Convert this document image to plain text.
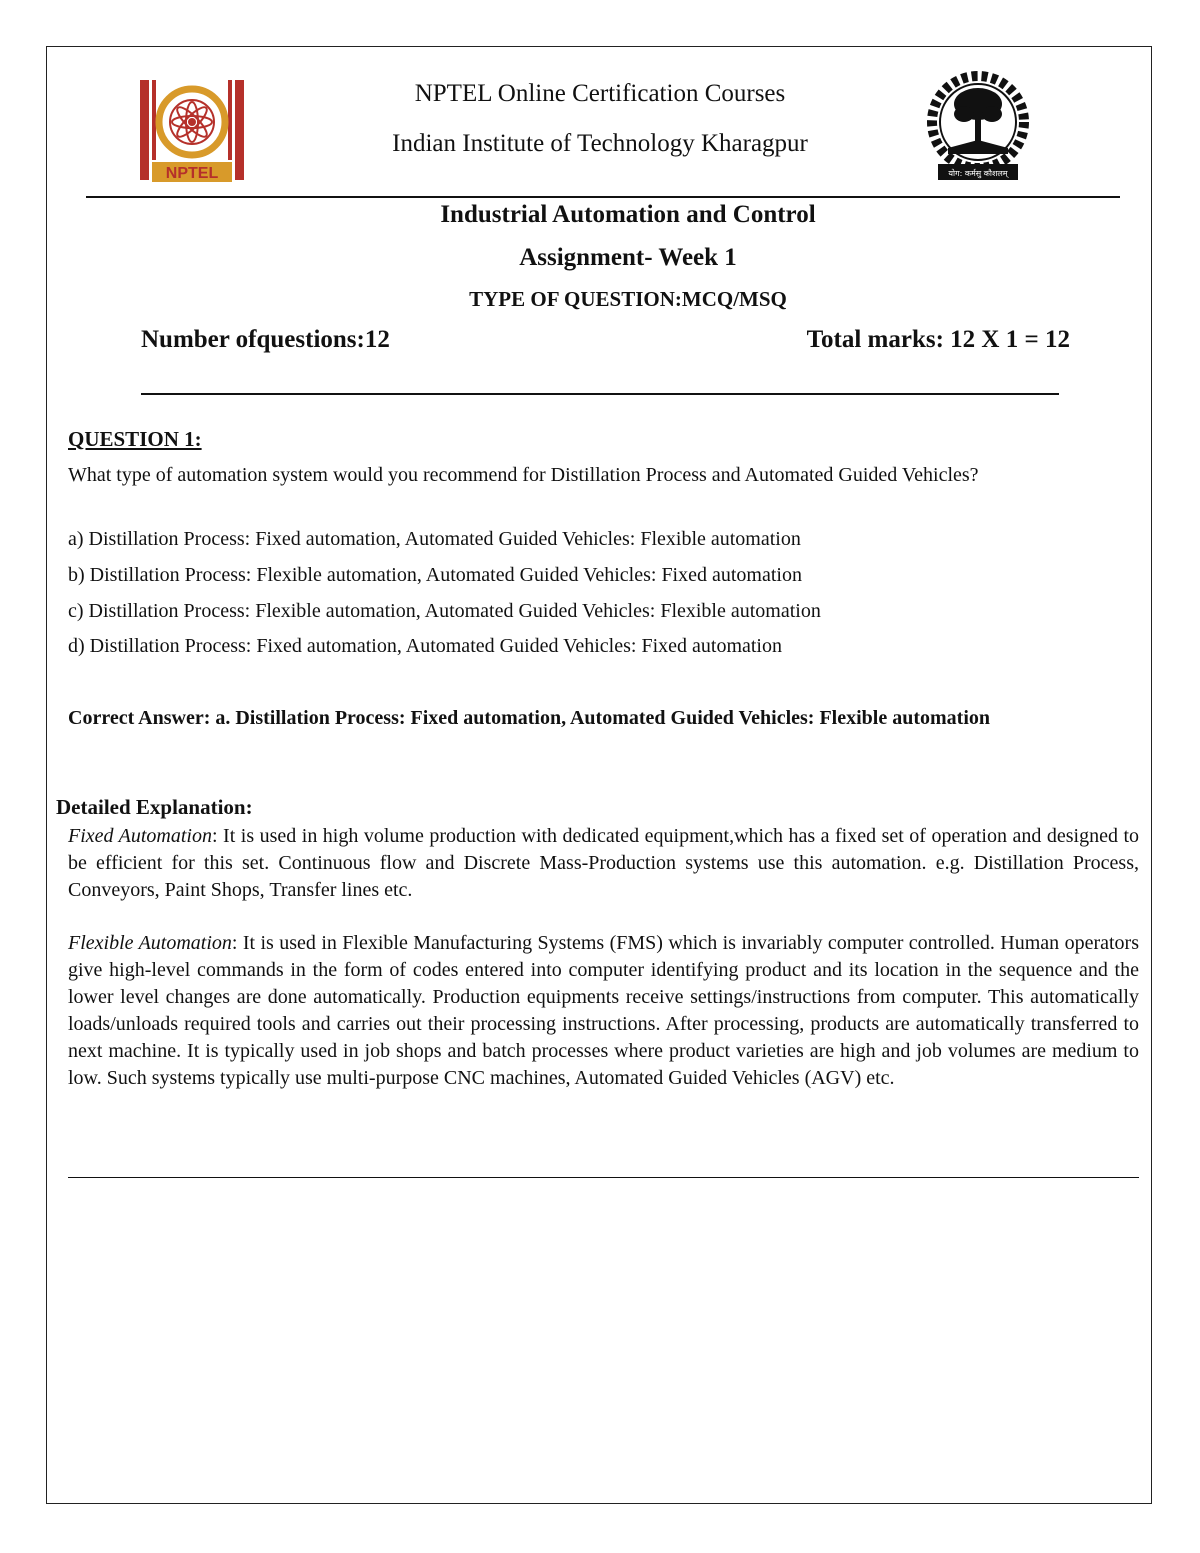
NPTEL
NPTEL Online Certification Courses
Indian Institute of Technology Kharagpur
योग: कर्मसु कौशलम्
Industrial Automation and Control
Assignment- Week 1
TYPE OF QUESTION:MCQ/MSQ
Number ofquestions:12	Total marks: 12 X 1 = 12
QUESTION 1:
What type of automation system would you recommend for Distillation Process and Automated Guided Vehicles?
a) Distillation Process: Fixed automation, Automated Guided Vehicles: Flexible automation
b) Distillation Process: Flexible automation, Automated Guided Vehicles: Fixed automation
c) Distillation Process: Flexible automation, Automated Guided Vehicles: Flexible automation
d) Distillation Process: Fixed automation, Automated Guided Vehicles: Fixed automation
Correct Answer: a. Distillation Process: Fixed automation, Automated Guided Vehicles: Flexible automation
Detailed Explanation:
Fixed Automation: It is used in high volume production with dedicated equipment,which has a fixed set of operation and designed to be efficient for this set. Continuous flow and Discrete Mass-Production systems use this automation. e.g. Distillation Process, Conveyors, Paint Shops, Transfer lines etc.
Flexible Automation: It is used in Flexible Manufacturing Systems (FMS) which is invariably computer controlled. Human operators give high-level commands in the form of codes entered into computer identifying product and its location in the sequence and the lower level changes are done automatically. Production equipments receive settings/instructions from computer. This automatically loads/unloads required tools and carries out their processing instructions. After processing, products are automatically transferred to next machine. It is typically used in job shops and batch processes where product varieties are high and job volumes are medium to low. Such systems typically use multi-purpose CNC machines, Automated Guided Vehicles (AGV) etc.
